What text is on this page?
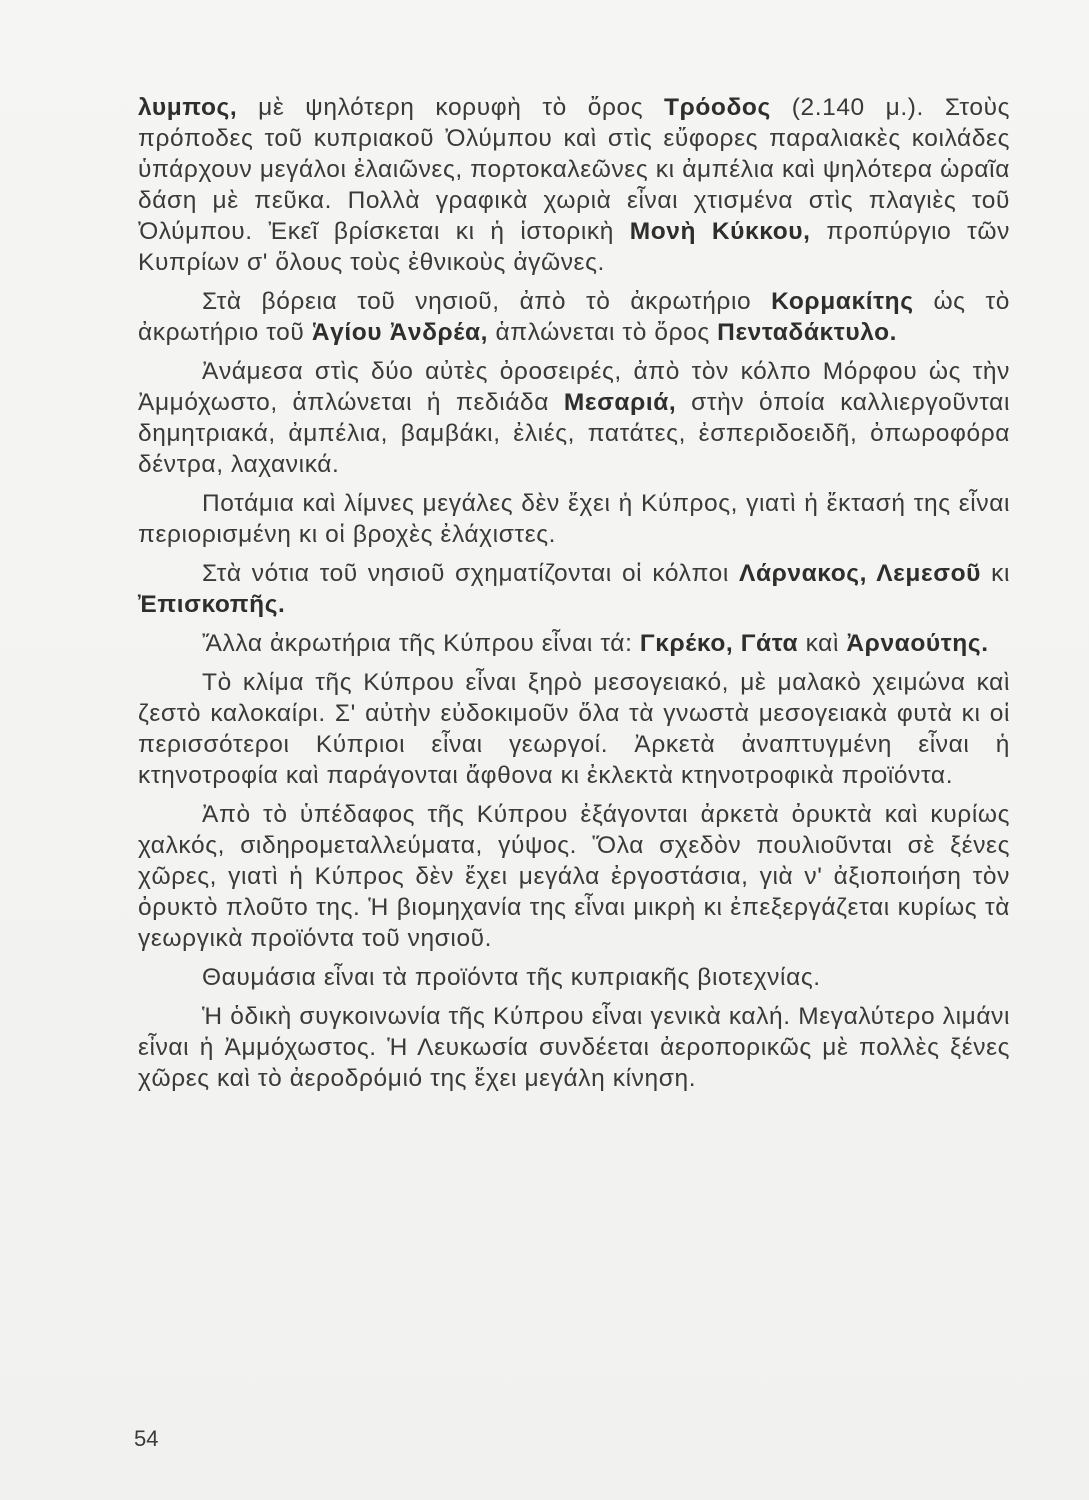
λυμπος, μὲ ψηλότερη κορυφὴ τὸ ὄρος Τρόοδος (2.140 μ.). Στοὺς πρόποδες τοῦ κυπριακοῦ Ὀλύμπου καὶ στὶς εὔφορες παραλιακὲς κοιλάδες ὑπάρχουν μεγάλοι ἐλαιῶνες, πορτοκαλεῶνες κι ἀμπέλια καὶ ψηλότερα ὡραῖα δάση μὲ πεῦκα. Πολλὰ γραφικὰ χωριὰ εἶναι χτισμένα στὶς πλαγιὲς τοῦ Ὀλύμπου. Ἐκεῖ βρίσκεται κι ἡ ἱστορικὴ Μονὴ Κύκκου, προπύργιο τῶν Κυπρίων σ' ὅλους τοὺς ἐθνικοὺς ἀγῶνες.

Στὰ βόρεια τοῦ νησιοῦ, ἀπὸ τὸ ἀκρωτήριο Κορμακίτης ὡς τὸ ἀκρωτήριο τοῦ Ἁγίου Ἀνδρέα, ἁπλώνεται τὸ ὄρος Πενταδάκτυλο.

Ἀνάμεσα στὶς δύο αὐτὲς ὀροσειρές, ἀπὸ τὸν κόλπο Μόρφου ὡς τὴν Ἀμμόχωστο, ἁπλώνεται ἡ πεδιάδα Μεσαριά, στὴν ὁποία καλλιεργοῦνται δημητριακά, ἀμπέλια, βαμβάκι, ἐλιές, πατάτες, ἐσπεριδοειδῆ, ὀπωροφόρα δέντρα, λαχανικά.

Ποτάμια καὶ λίμνες μεγάλες δὲν ἔχει ἡ Κύπρος, γιατὶ ἡ ἔκτασή της εἶναι περιορισμένη κι οἱ βροχὲς ἐλάχιστες.

Στὰ νότια τοῦ νησιοῦ σχηματίζονται οἱ κόλποι Λάρνακος, Λεμεσοῦ κι Ἐπισκοπῆς.

Ἄλλα ἀκρωτήρια τῆς Κύπρου εἶναι τά: Γκρέκο, Γάτα καὶ Ἀρναούτης.

Τὸ κλίμα τῆς Κύπρου εἶναι ξηρὸ μεσογειακό, μὲ μαλακὸ χειμώνα καὶ ζεστὸ καλοκαίρι. Σ' αὐτὴν εὐδοκιμοῦν ὅλα τὰ γνωστὰ μεσογειακὰ φυτὰ κι οἱ περισσότεροι Κύπριοι εἶναι γεωργοί. Ἀρκετὰ ἀναπτυγμένη εἶναι ἡ κτηνοτροφία καὶ παράγονται ἄφθονα κι ἐκλεκτὰ κτηνοτροφικὰ προϊόντα.

Ἀπὸ τὸ ὑπέδαφος τῆς Κύπρου ἐξάγονται ἀρκετὰ ὀρυκτὰ καὶ κυρίως χαλκός, σιδηρομεταλλεύματα, γύψος. Ὅλα σχεδὸν πουλιοῦνται σὲ ξένες χῶρες, γιατὶ ἡ Κύπρος δὲν ἔχει μεγάλα ἐργοστάσια, γιὰ ν' ἀξιοποιήση τὸν ὀρυκτὸ πλοῦτο της. Ἡ βιομηχανία της εἶναι μικρὴ κι ἐπεξεργάζεται κυρίως τὰ γεωργικὰ προϊόντα τοῦ νησιοῦ.

Θαυμάσια εἶναι τὰ προϊόντα τῆς κυπριακῆς βιοτεχνίας.

Ἡ ὁδικὴ συγκοινωνία τῆς Κύπρου εἶναι γενικὰ καλή. Μεγαλύτερο λιμάνι εἶναι ἡ Ἀμμόχωστος. Ἡ Λευκωσία συνδέεται ἀεροπορικῶς μὲ πολλὲς ξένες χῶρες καὶ τὸ ἀεροδρόμιό της ἔχει μεγάλη κίνηση.

54
